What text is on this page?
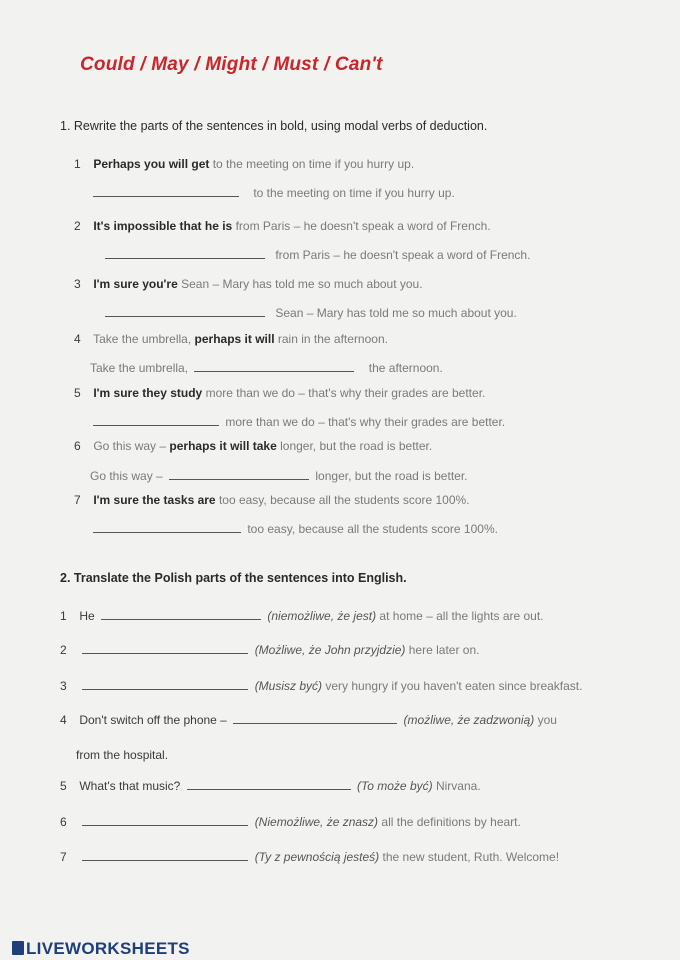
Could / May / Might / Must / Can't
1. Rewrite the parts of the sentences in bold, using modal verbs of deduction.
1 Perhaps you will get to the meeting on time if you hurry up.
to the meeting on time if you hurry up.
2 It's impossible that he is from Paris – he doesn't speak a word of French.
from Paris – he doesn't speak a word of French.
3 I'm sure you're Sean – Mary has told me so much about you.
Sean – Mary has told me so much about you.
4 Take the umbrella, perhaps it will rain in the afternoon.
Take the umbrella,	the afternoon.
5 I'm sure they study more than we do – that's why their grades are better.
more than we do – that's why their grades are better.
6 Go this way – perhaps it will take longer, but the road is better.
Go this way –	longer, but the road is better.
7 I'm sure the tasks are too easy, because all the students score 100%.
too easy, because all the students score 100%.
2. Translate the Polish parts of the sentences into English.
1 He	(niemożliwe, że jest) at home – all the lights are out.
2	(Możliwe, że John przyjdzie) here later on.
3	(Musisz być) very hungry if you haven't eaten since breakfast.
4 Don't switch off the phone –	(możliwe, że zadzwonią) you
from the hospital.
5 What's that music?	(To może być) Nirvana.
6	(Niemożliwe, że znasz) all the definitions by heart.
7	(Ty z pewnością jesteś) the new student, Ruth. Welcome!
LIVEWORKSHEETS
